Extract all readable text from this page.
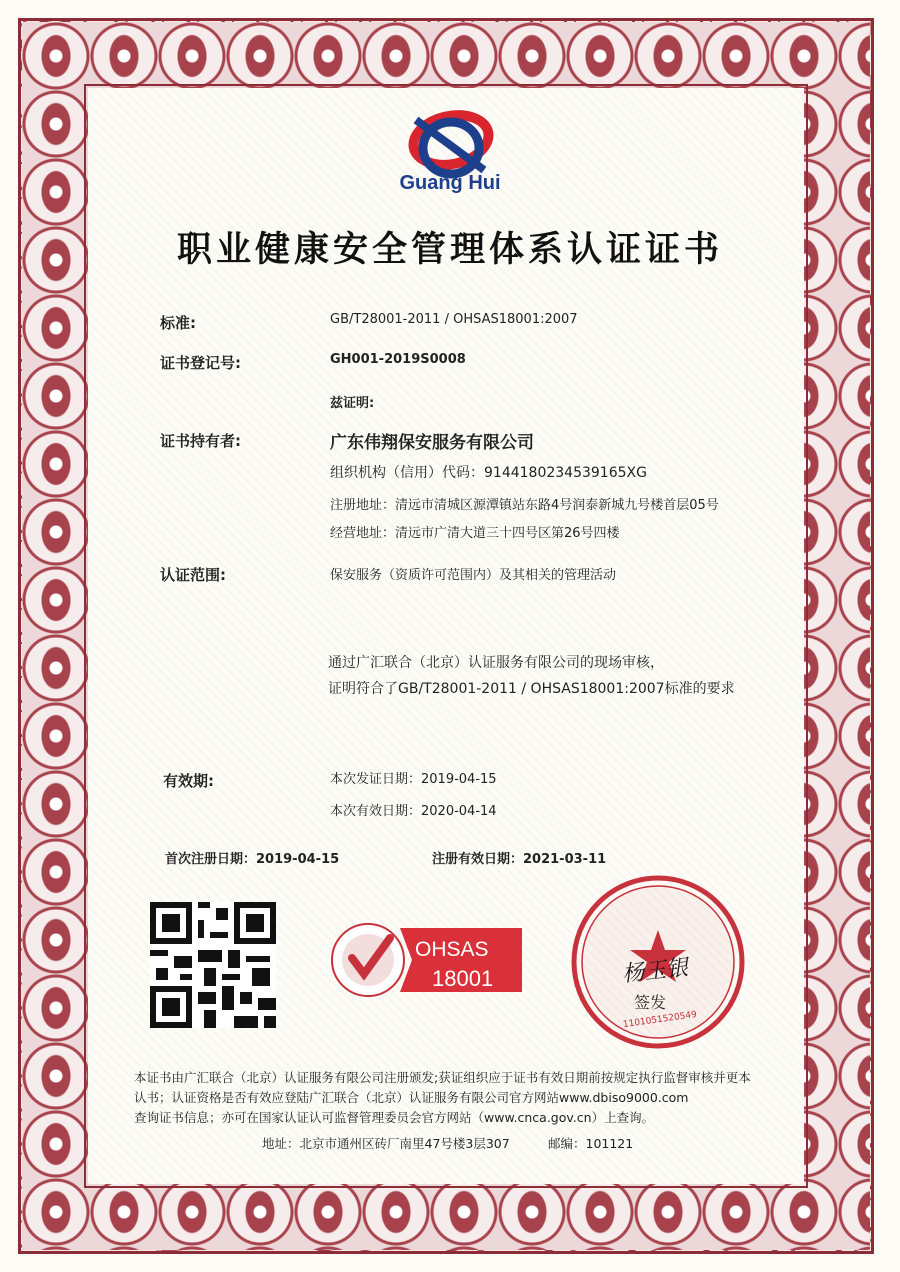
Guang Hui
职业健康安全管理体系认证证书
标准:	GB/T28001-2011 / OHSAS18001:2007
证书登记号:	GH001-2019S0008
兹证明:
证书持有者:	广东伟翔保安服务有限公司
组织机构（信用）代码：9144180234539165XG
注册地址：清远市清城区源潭镇站东路4号润泰新城九号楼首层05号
经营地址：清远市广清大道三十四号区第26号四楼
认证范围:	保安服务（资质许可范围内）及其相关的管理活动
通过广汇联合（北京）认证服务有限公司的现场审核，
证明符合了GB/T28001-2011 / OHSAS18001:2007标准的要求
有效期:	本次发证日期：2019-04-15
本次有效日期：2020-04-14
首次注册日期：2019-04-15	注册有效日期：2021-03-11
OHSAS
18001	杨玉银
签发
1101051520549
本证书由广汇联合（北京）认证服务有限公司注册颁发;获证组织应于证书有效日期前按规定执行监督审核并更本
认书；认证资格是否有效应登陆广汇联合（北京）认证服务有限公司官方网站www.dbiso9000.com
查询证书信息；亦可在国家认证认可监督管理委员会官方网站（www.cnca.gov.cn）上查询。
地址：北京市通州区砖厂南里47号楼3层307	邮编：101121
